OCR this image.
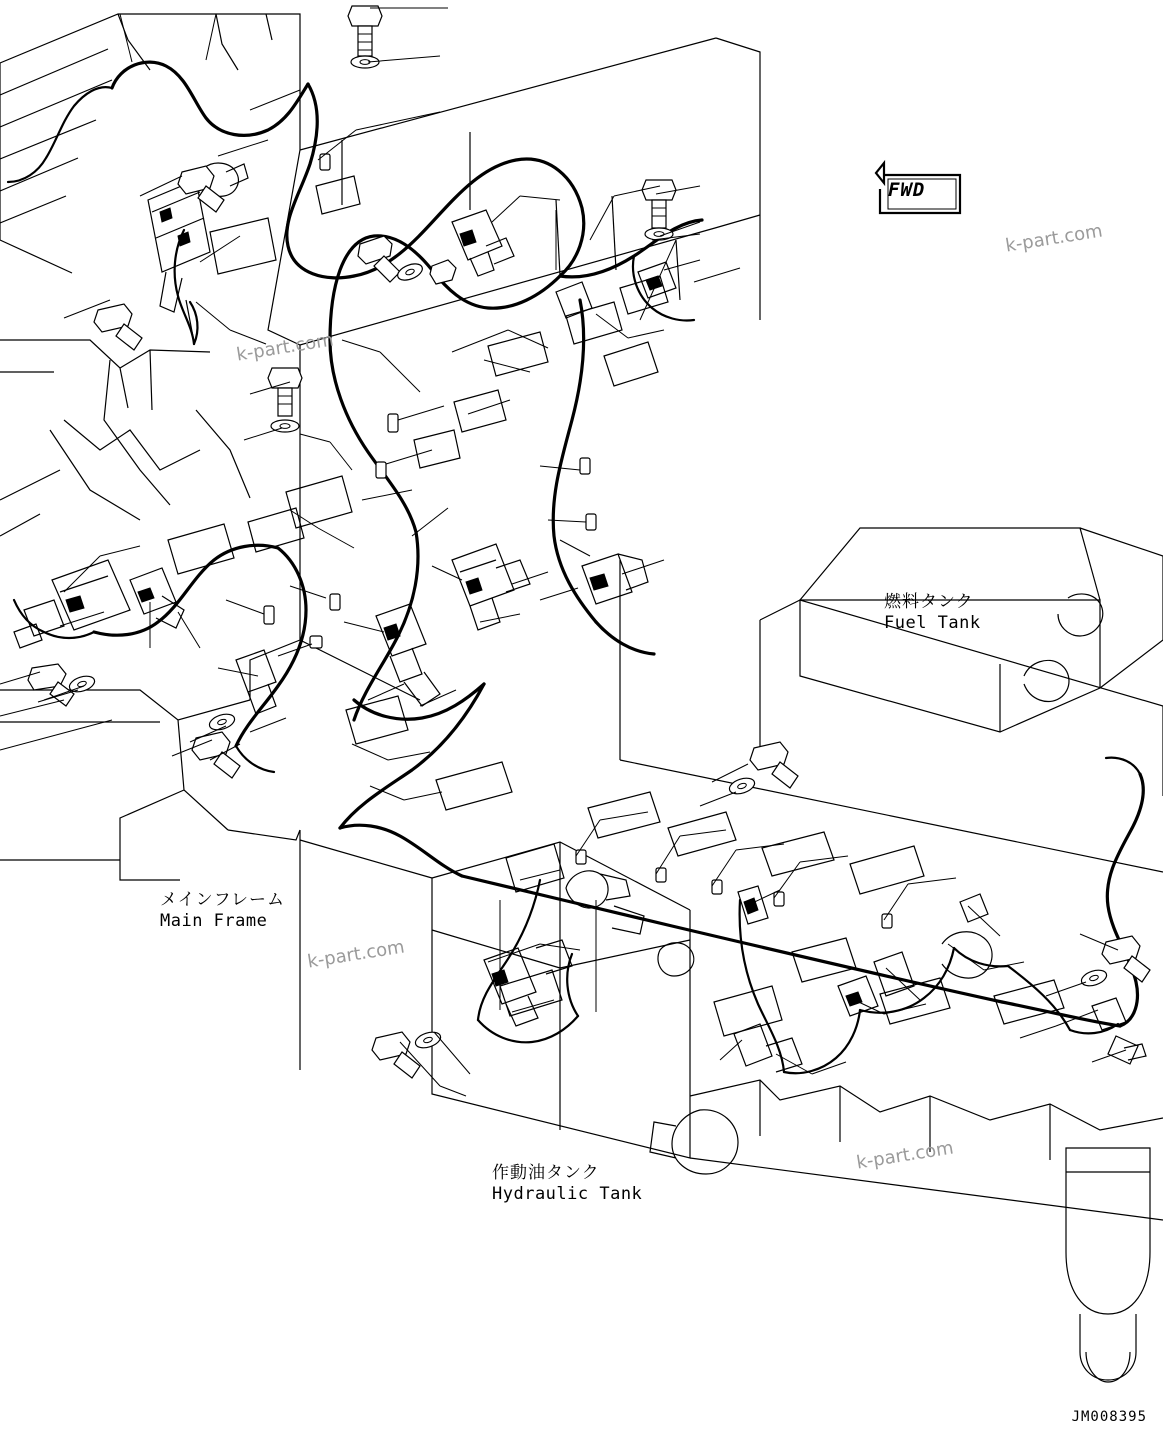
FWD
メインフレーム
Main Frame
燃料タンク
Fuel Tank
作動油タンク
Hydraulic Tank
k-part.com
k-part.com
k-part.com
k-part.com
JM008395
